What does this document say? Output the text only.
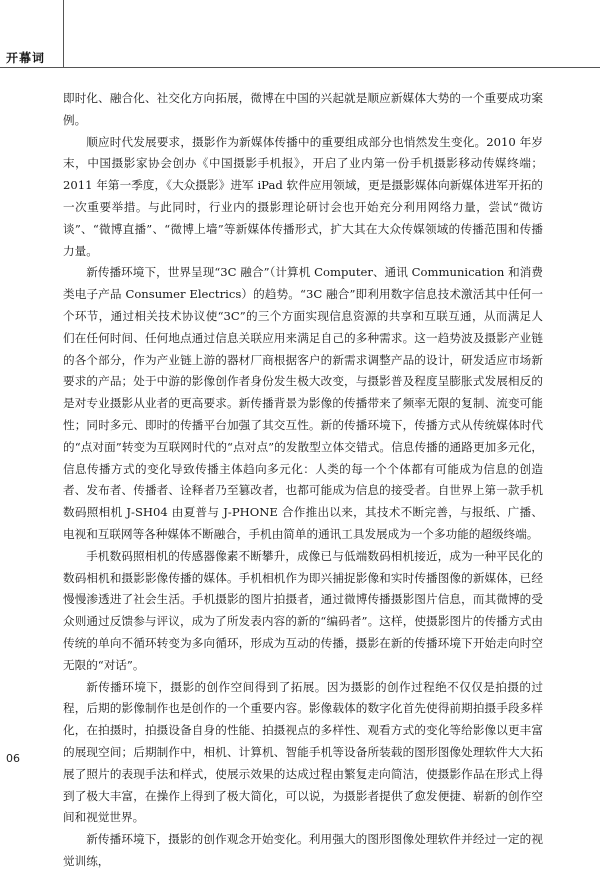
开幕词

即时化、融合化、社交化方向拓展，微博在中国的兴起就是顺应新媒体大势的一个重要成功案例。

顺应时代发展要求，摄影作为新媒体传播中的重要组成部分也悄然发生变化。2010 年岁末，中国摄影家协会创办《中国摄影手机报》，开启了业内第一份手机摄影移动传媒终端；2011 年第一季度，《大众摄影》进军 iPad 软件应用领域，更是摄影媒体向新媒体进军开拓的一次重要举措。与此同时，行业内的摄影理论研讨会也开始充分利用网络力量，尝试“微访谈”、“微博直播”、“微博上墙”等新媒体传播形式，扩大其在大众传媒领域的传播范围和传播力量。

新传播环境下，世界呈现“3C 融合”（计算机 Computer、通讯 Communication 和消费类电子产品 Consumer Electrics）的趋势。“3C 融合”即利用数字信息技术激活其中任何一个环节，通过相关技术协议使“3C”的三个方面实现信息资源的共享和互联互通，从而满足人们在任何时间、任何地点通过信息关联应用来满足自己的多种需求。这一趋势波及摄影产业链的各个部分，作为产业链上游的器材厂商根据客户的新需求调整产品的设计，研发适应市场新要求的产品；处于中游的影像创作者身份发生极大改变，与摄影普及程度呈膨胀式发展相反的是对专业摄影从业者的更高要求。新传播背景为影像的传播带来了频率无限的复制、流变可能性；同时多元、即时的传播平台加强了其交互性。新的传播环境下，传播方式从传统媒体时代的“点对面”转变为互联网时代的“点对点”的发散型立体交错式。信息传播的通路更加多元化，信息传播方式的变化导致传播主体趋向多元化：人类的每一个个体都有可能成为信息的创造者、发布者、传播者、诠释者乃至篡改者，也都可能成为信息的接受者。自世界上第一款手机数码照相机 J-SH04 由夏普与 J-PHONE 合作推出以来，其技术不断完善，与报纸、广播、电视和互联网等各种媒体不断融合，手机由简单的通讯工具发展成为一个多功能的超级终端。

手机数码照相机的传感器像素不断攀升，成像已与低端数码相机接近，成为一种平民化的数码相机和摄影影像传播的媒体。手机相机作为即兴捕捉影像和实时传播图像的新媒体，已经慢慢渗透进了社会生活。手机摄影的图片拍摄者，通过微博传播摄影图片信息，而其微博的受众则通过反馈参与评议，成为了所发表内容的新的“编码者”。这样，使摄影图片的传播方式由传统的单向不循环转变为多向循环，形成为互动的传播，摄影在新的传播环境下开始走向时空无限的“对话”。

新传播环境下，摄影的创作空间得到了拓展。因为摄影的创作过程绝不仅仅是拍摄的过程，后期的影像制作也是创作的一个重要内容。影像载体的数字化首先使得前期拍摄手段多样化，在拍摄时，拍摄设备自身的性能、拍摄视点的多样性、观看方式的变化等给影像以更丰富的展现空间；后期制作中，相机、计算机、智能手机等设备所装载的图形图像处理软件大大拓展了照片的表现手法和样式，使展示效果的达成过程由繁复走向简洁，使摄影作品在形式上得到了极大丰富，在操作上得到了极大简化，可以说，为摄影者提供了愈发便捷、崭新的创作空间和视觉世界。

新传播环境下，摄影的创作观念开始变化。利用强大的图形图像处理软件并经过一定的视觉训练，

06
